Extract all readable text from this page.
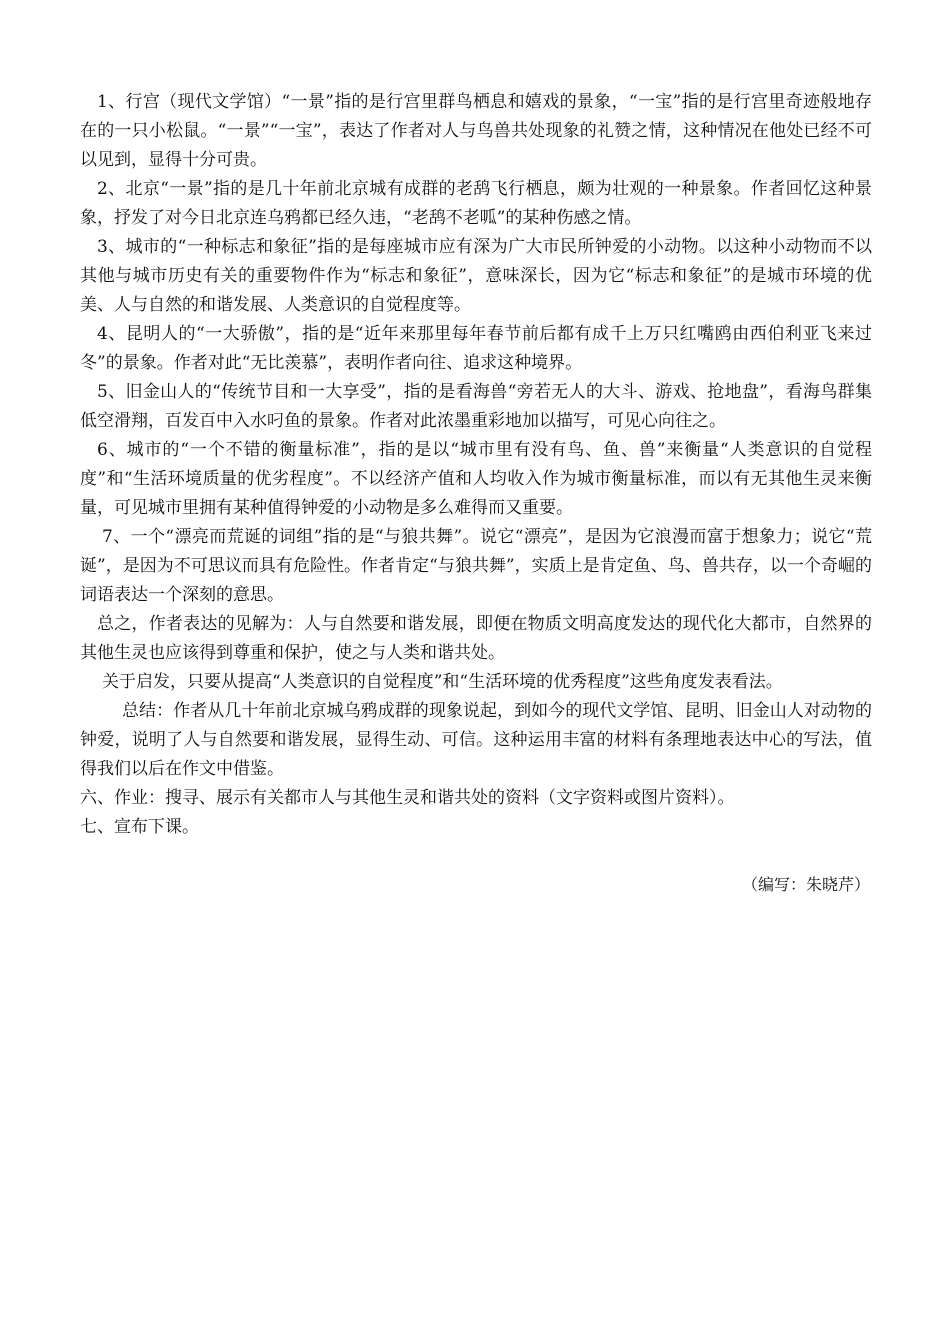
1、行宫（现代文学馆）“一景”指的是行宫里群鸟栖息和嬉戏的景象，“一宝”指的是行宫里奇迹般地存在的一只小松鼠。“一景”“一宝”，表达了作者对人与鸟兽共处现象的礼赞之情，这种情况在他处已经不可以见到，显得十分可贵。

2、北京“一景”指的是几十年前北京城有成群的老鸹飞行栖息，颇为壮观的一种景象。作者回忆这种景象，抒发了对今日北京连乌鸦都已经久违，“老鸹不老呱”的某种伤感之情。

3、城市的“一种标志和象征”指的是每座城市应有深为广大市民所钟爱的小动物。以这种小动物而不以其他与城市历史有关的重要物件作为“标志和象征”，意味深长，因为它“标志和象征”的是城市环境的优美、人与自然的和谐发展、人类意识的自觉程度等。

4、昆明人的“一大骄傲”，指的是“近年来那里每年春节前后都有成千上万只红嘴鸥由西伯利亚飞来过冬”的景象。作者对此“无比羡慕”，表明作者向往、追求这种境界。

5、旧金山人的“传统节目和一大享受”，指的是看海兽“旁若无人的大斗、游戏、抢地盘”，看海鸟群集低空滑翔，百发百中入水叼鱼的景象。作者对此浓墨重彩地加以描写，可见心向往之。

6、城市的“一个不错的衡量标准”，指的是以“城市里有没有鸟、鱼、兽”来衡量“人类意识的自觉程度”和“生活环境质量的优劣程度”。不以经济产值和人均收入作为城市衡量标准，而以有无其他生灵来衡量，可见城市里拥有某种值得钟爱的小动物是多么难得而又重要。

7、一个“漂亮而荒诞的词组”指的是“与狼共舞”。说它“漂亮”，是因为它浪漫而富于想象力；说它“荒诞”，是因为不可思议而具有危险性。作者肯定“与狼共舞”，实质上是肯定鱼、鸟、兽共存，以一个奇崛的词语表达一个深刻的意思。

总之，作者表达的见解为：人与自然要和谐发展，即便在物质文明高度发达的现代化大都市，自然界的其他生灵也应该得到尊重和保护，使之与人类和谐共处。

关于启发，只要从提高“人类意识的自觉程度”和“生活环境的优秀程度”这些角度发表看法。

总结：作者从几十年前北京城乌鸦成群的现象说起，到如今的现代文学馆、昆明、旧金山人对动物的钟爱，说明了人与自然要和谐发展，显得生动、可信。这种运用丰富的材料有条理地表达中心的写法，值得我们以后在作文中借鉴。

六、作业：搜寻、展示有关都市人与其他生灵和谐共处的资料（文字资料或图片资料）。

七、宣布下课。

（编写：朱晓芹）
